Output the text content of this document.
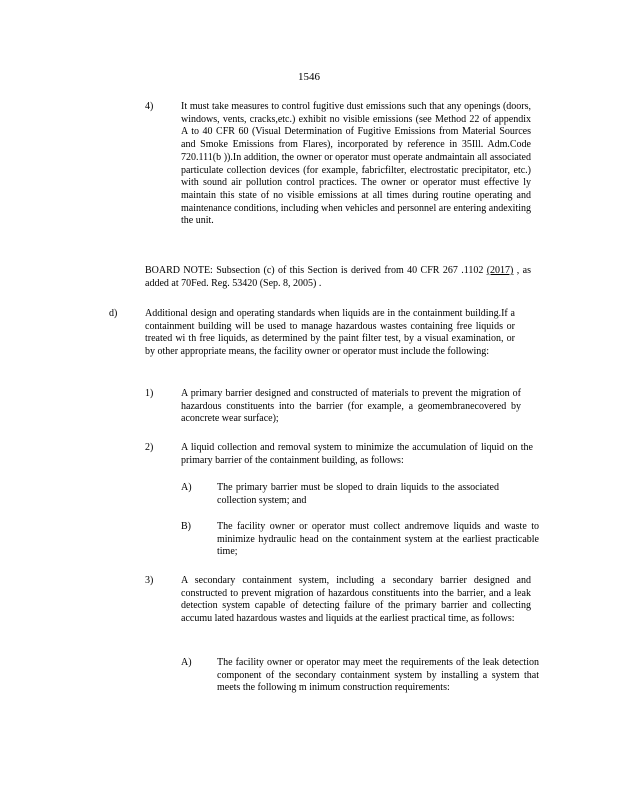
1546
4)	It must take measures to control fugitive dust emissions such that any openings (doors, windows, vents, cracks,etc.) exhibit no visible emissions (see Method 22 of appendix A to 40 CFR 60 (Visual Determination of Fugitive Emissions from Material Sources and Smoke Emissions from Flares), incorporated by reference in 35Ill. Adm.Code 720.111(b )).In addition, the owner or operator must operate andmaintain all associated particulate collection devices (for example, fabricfilter, electrostatic precipitator, etc.) with sound air pollution control practices. The owner or operator must effective ly maintain this state of no visible emissions at all times during routine operating and maintenance conditions, including when vehicles and personnel are entering andexiting the unit.
BOARD NOTE: Subsection (c) of this Section is derived from 40 CFR 267 .1102 (2017) , as added at 70Fed. Reg. 53420 (Sep. 8, 2005) .
d)	Additional design and operating standards when liquids are in the containment building.If a containment building will be used to manage hazardous wastes containing free liquids or treated wi th free liquids, as determined by the paint filter test, by a visual examination, or by other appropriate means, the facility owner or operator must include the following:
1)	A primary barrier designed and constructed of materials to prevent the migration of hazardous constituents into the barrier (for example, a geomembranecovered by aconcrete wear surface);
2)	A liquid collection and removal system to minimize the accumulation of liquid on the primary barrier of the containment building, as follows:
A)	The primary barrier must be sloped to drain liquids to the associated collection system; and
B)	The facility owner or operator must collect andremove liquids and waste to minimize hydraulic head on the containment system at the earliest practicable time;
3)	A secondary containment system, including a secondary barrier designed and constructed to prevent migration of hazardous constituents into the barrier, and a leak detection system capable of detecting failure of the primary barrier and collecting accumu lated hazardous wastes and liquids at the earliest practical time, as follows:
A)	The facility owner or operator may meet the requirements of the leak detection component of the secondary containment system by installing a system that meets the following m inimum construction requirements:
